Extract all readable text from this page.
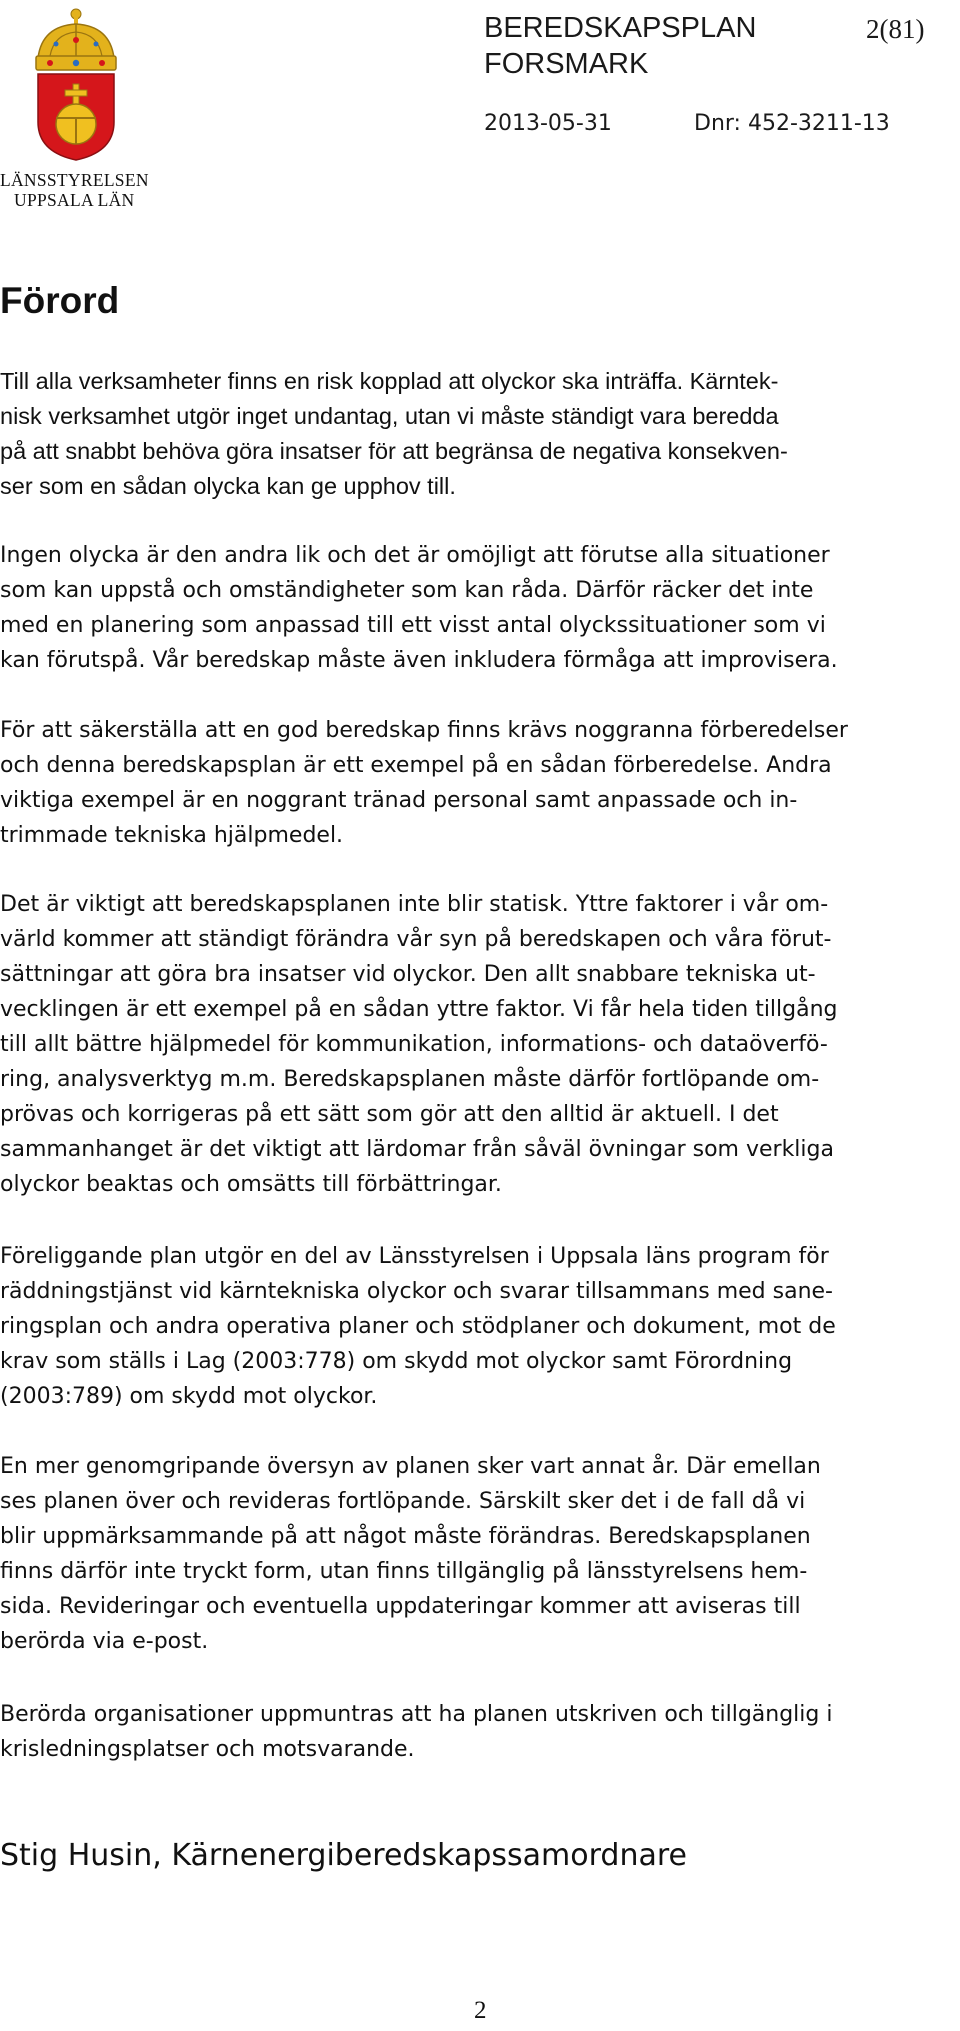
LÄNSSTYRELSEN
UPPSALA LÄN
BEREDSKAPSPLAN
FORSMARK
2(81)
2013-05-31	Dnr: 452-3211-13
Förord

Till alla verksamheter finns en risk kopplad att olyckor ska inträffa. Kärntek-
nisk verksamhet utgör inget undantag, utan vi måste ständigt vara beredda
på att snabbt behöva göra insatser för att begränsa de negativa konsekven-
ser som en sådan olycka kan ge upphov till.

Ingen olycka är den andra lik och det är omöjligt att förutse alla situationer
som kan uppstå och omständigheter som kan råda. Därför räcker det inte
med en planering som anpassad till ett visst antal olyckssituationer som vi
kan förutspå. Vår beredskap måste även inkludera förmåga att improvisera.

För att säkerställa att en god beredskap finns krävs noggranna förberedelser
och denna beredskapsplan är ett exempel på en sådan förberedelse. Andra
viktiga exempel är en noggrant tränad personal samt anpassade och in-
trimmade tekniska hjälpmedel.

Det är viktigt att beredskapsplanen inte blir statisk. Yttre faktorer i vår om-
värld kommer att ständigt förändra vår syn på beredskapen och våra förut-
sättningar att göra bra insatser vid olyckor. Den allt snabbare tekniska ut-
vecklingen är ett exempel på en sådan yttre faktor. Vi får hela tiden tillgång
till allt bättre hjälpmedel för kommunikation, informations- och dataöverfö-
ring, analysverktyg m.m. Beredskapsplanen måste därför fortlöpande om-
prövas och korrigeras på ett sätt som gör att den alltid är aktuell. I det
sammanhanget är det viktigt att lärdomar från såväl övningar som verkliga
olyckor beaktas och omsätts till förbättringar.

Föreliggande plan utgör en del av Länsstyrelsen i Uppsala läns program för
räddningstjänst vid kärntekniska olyckor och svarar tillsammans med sane-
ringsplan och andra operativa planer och stödplaner och dokument, mot de
krav som ställs i Lag (2003:778) om skydd mot olyckor samt Förordning
(2003:789) om skydd mot olyckor.

En mer genomgripande översyn av planen sker vart annat år. Där emellan
ses planen över och revideras fortlöpande. Särskilt sker det i de fall då vi
blir uppmärksammande på att något måste förändras. Beredskapsplanen
finns därför inte tryckt form, utan finns tillgänglig på länsstyrelsens hem-
sida. Revideringar och eventuella uppdateringar kommer att aviseras till
berörda via e-post.

Berörda organisationer uppmuntras att ha planen utskriven och tillgänglig i
krisledningsplatser och motsvarande.

Stig Husin, Kärnenergiberedskapssamordnare

2
